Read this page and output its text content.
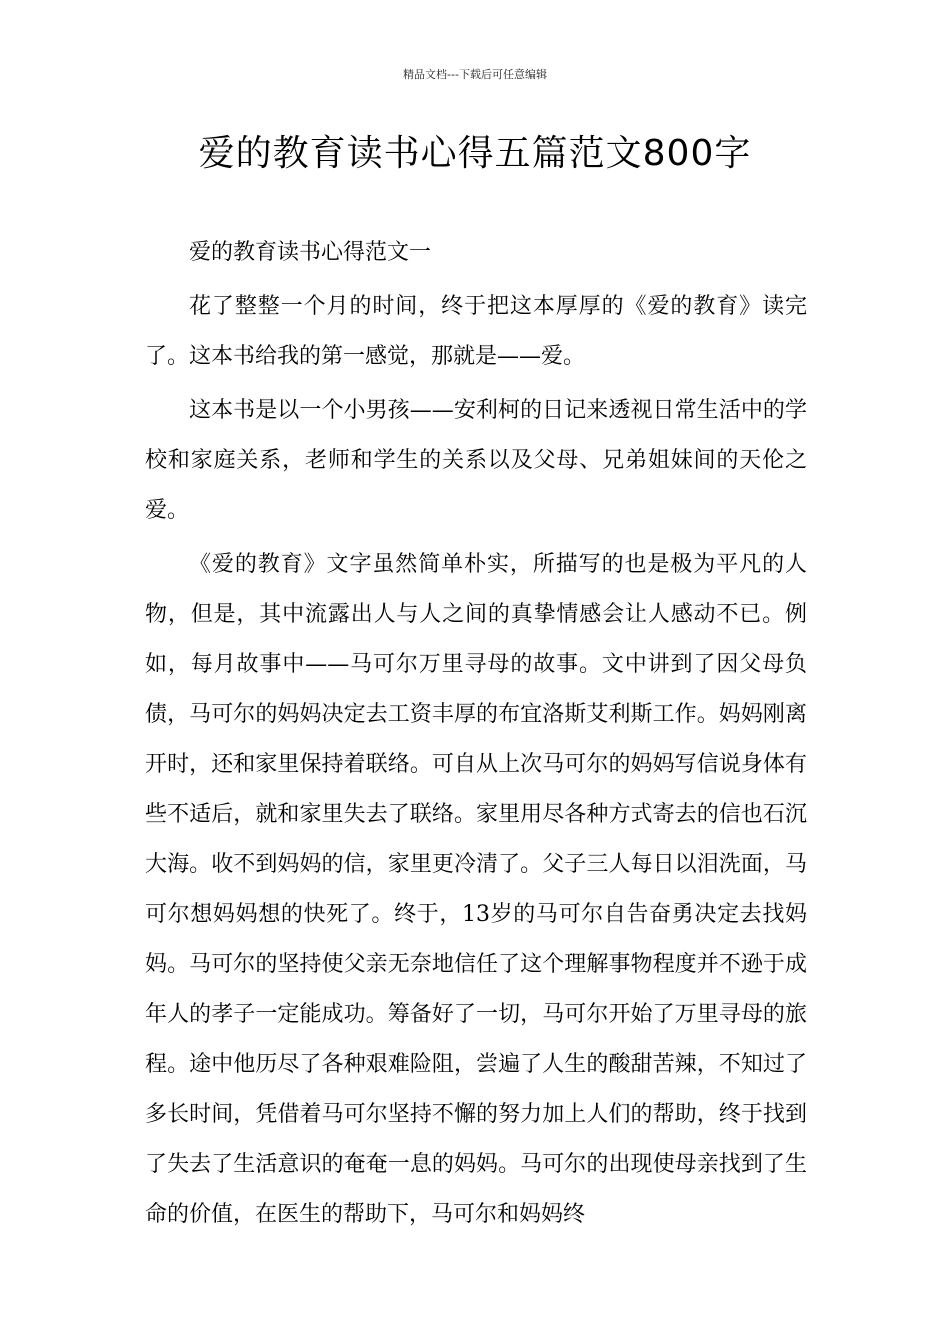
精品文档---下载后可任意编辑
爱的教育读书心得五篇范文800字

爱的教育读书心得范文一

花了整整一个月的时间，终于把这本厚厚的《爱的教育》读完了。这本书给我的第一感觉，那就是——爱。

这本书是以一个小男孩——安利柯的日记来透视日常生活中的学校和家庭关系，老师和学生的关系以及父母、兄弟姐妹间的天伦之爱。

《爱的教育》文字虽然简单朴实，所描写的也是极为平凡的人物，但是，其中流露出人与人之间的真挚情感会让人感动不已。例如，每月故事中——马可尔万里寻母的故事。文中讲到了因父母负债，马可尔的妈妈决定去工资丰厚的布宜洛斯艾利斯工作。妈妈刚离开时，还和家里保持着联络。可自从上次马可尔的妈妈写信说身体有些不适后，就和家里失去了联络。家里用尽各种方式寄去的信也石沉大海。收不到妈妈的信，家里更冷清了。父子三人每日以泪洗面，马可尔想妈妈想的快死了。终于，13岁的马可尔自告奋勇决定去找妈妈。马可尔的坚持使父亲无奈地信任了这个理解事物程度并不逊于成年人的孝子一定能成功。筹备好了一切，马可尔开始了万里寻母的旅程。途中他历尽了各种艰难险阻，尝遍了人生的酸甜苦辣，不知过了多长时间，凭借着马可尔坚持不懈的努力加上人们的帮助，终于找到了失去了生活意识的奄奄一息的妈妈。马可尔的出现使母亲找到了生命的价值，在医生的帮助下，马可尔和妈妈终
